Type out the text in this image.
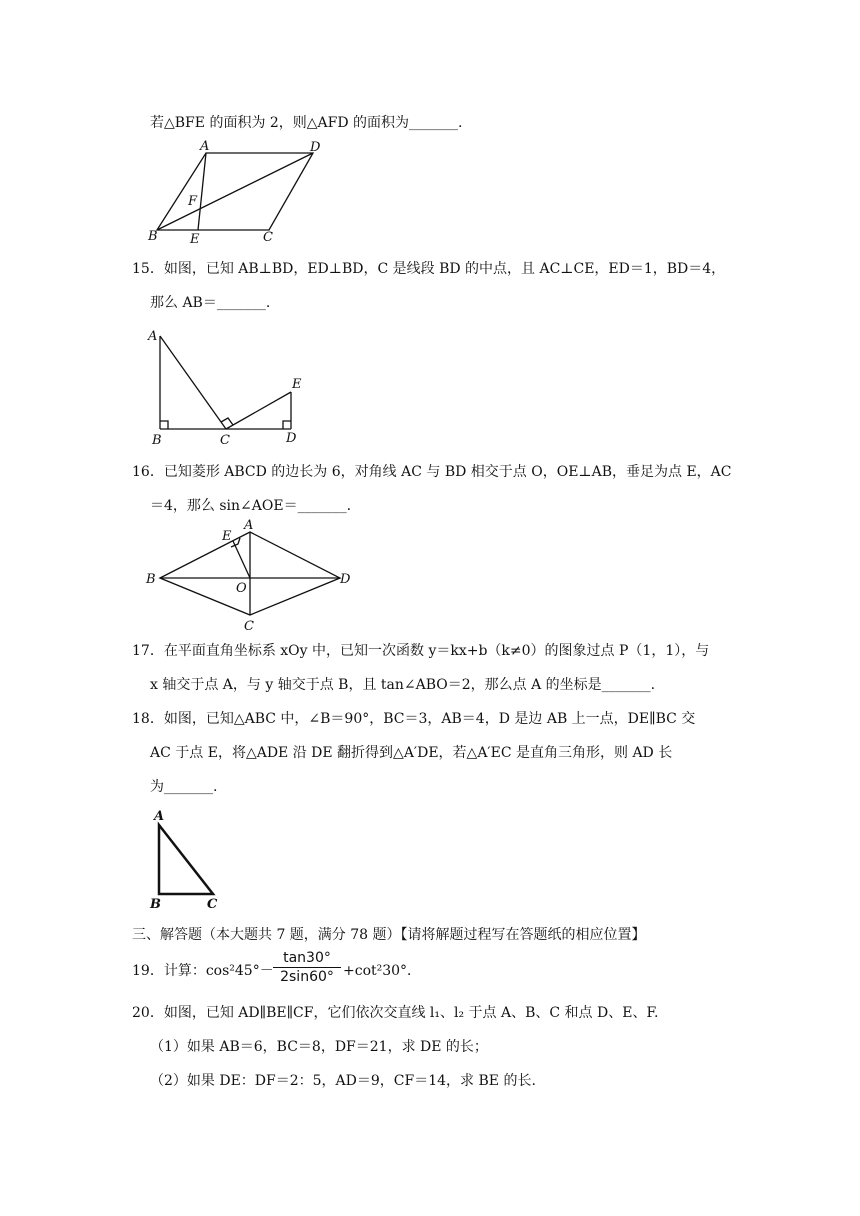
若△BFE 的面积为 2，则△AFD 的面积为_______.
A	D
F
B E	C
15．如图，已知 AB⊥BD，ED⊥BD，C 是线段 BD 的中点，且 AC⊥CE，ED＝1，BD＝4，
那么 AB＝_______.
A
E
B	C	D
16．已知菱形 ABCD 的边长为 6，对角线 AC 与 BD 相交于点 O，OE⊥AB，垂足为点 E，AC
＝4，那么 sin∠AOE＝_______.
E
A
B
O
D
C
17．在平面直角坐标系 xOy 中，已知一次函数 y＝kx+b（k≠0）的图象过点 P（1，1），与
x 轴交于点 A，与 y 轴交于点 B，且 tan∠ABO＝2，那么点 A 的坐标是_______.
18．如图，已知△ABC 中，∠B＝90°，BC＝3，AB＝4，D 是边 AB 上一点，DE∥BC 交
AC 于点 E，将△ADE 沿 DE 翻折得到△A′DE，若△A′EC 是直角三角形，则 AD 长
为_______.
A
B	C
三、解答题（本大题共 7 题，满分 78 题）【请将解题过程写在答题纸的相应位置】
19．计算：cos²45°－
tan30°
2sin60° +cot²30°．
20．如图，已知 AD∥BE∥CF，它们依次交直线 l₁、l₂ 于点 A、B、C 和点 D、E、F.
（1）如果 AB＝6，BC＝8，DF＝21，求 DE 的长；
（2）如果 DE：DF＝2：5，AD＝9，CF＝14，求 BE 的长.
